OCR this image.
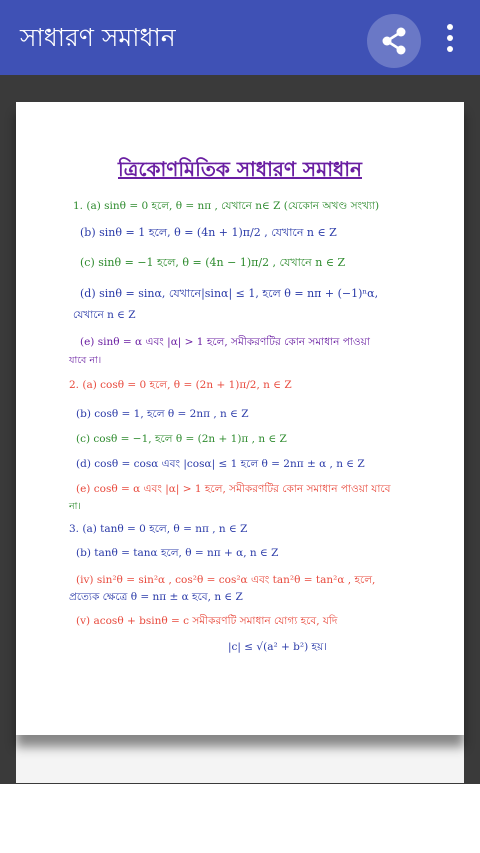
সাধারণ সমাধান
ত্রিকোণমিতিক সাধারণ সমাধান
1. (a) sinθ = 0 হলে, θ = nπ , যেখানে n∈ Z (যেকোন অখণ্ড সংখ্যা)
(b) sinθ = 1 হলে, θ = (4n + 1)π/2 , যেখানে n ∈ Z
(c) sinθ = −1 হলে, θ = (4n − 1)π/2 , যেখানে n ∈ Z
(d) sinθ = sinα, যেখানে|sinα| ≤ 1, হলে θ = nπ + (−1)ⁿα,
যেখানে n ∈ Z
(e) sinθ = α এবং |α| > 1 হলে, সমীকরণটির কোন সমাধান পাওয়া
যাবে না।
2. (a) cosθ = 0 হলে, θ = (2n + 1)π/2, n ∈ Z
(b) cosθ = 1, হলে θ = 2nπ , n ∈ Z
(c) cosθ = −1, হলে θ = (2n + 1)π , n ∈ Z
(d) cosθ = cosα এবং |cosα| ≤ 1 হলে θ = 2nπ ± α , n ∈ Z
(e) cosθ = α এবং |α| > 1 হলে, সমীকরণটির কোন সমাধান পাওয়া যাবে
না।
3. (a) tanθ = 0 হলে, θ = nπ , n ∈ Z
(b) tanθ = tanα হলে, θ = nπ + α, n ∈ Z
(iv) sin²θ = sin²α , cos²θ = cos²α এবং tan²θ = tan²α , হলে,
প্রত্যেক ক্ষেত্রে θ = nπ ± α হবে, n ∈ Z
(v) acosθ + bsinθ = c সমীকরণটি সমাধান যোগ্য হবে, যদি
|c| ≤ √(a² + b²) হয়।
